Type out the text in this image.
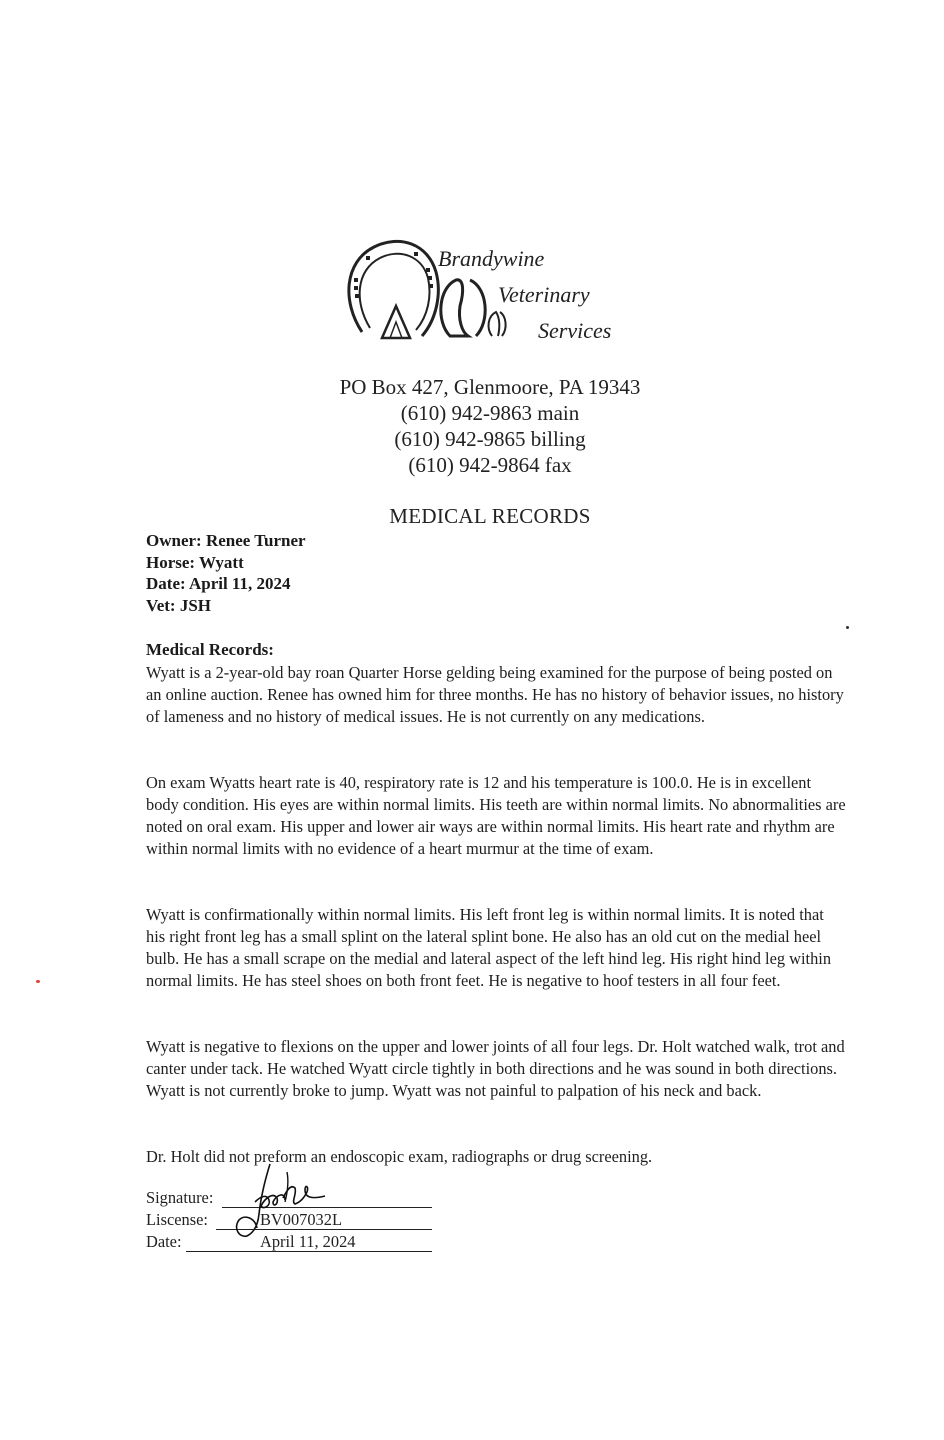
Brandywine
Veterinary
Services
PO Box 427, Glenmoore, PA 19343
(610) 942-9863 main
(610) 942-9865 billing
(610) 942-9864 fax
MEDICAL RECORDS
Owner: Renee Turner
Horse: Wyatt
Date: April 11, 2024
Vet: JSH
Medical Records:
Wyatt is a 2-year-old bay roan Quarter Horse gelding being examined for the purpose of being posted on an online auction. Renee has owned him for three months. He has no history of behavior issues, no history of lameness and no history of medical issues. He is not currently on any medications.
On exam Wyatts heart rate is 40, respiratory rate is 12 and his temperature is 100.0. He is in excellent body condition. His eyes are within normal limits. His teeth are within normal limits. No abnormalities are noted on oral exam. His upper and lower air ways are within normal limits. His heart rate and rhythm are within normal limits with no evidence of a heart murmur at the time of exam.
Wyatt is confirmationally within normal limits. His left front leg is within normal limits. It is noted that his right front leg has a small splint on the lateral splint bone. He also has an old cut on the medial heel bulb. He has a small scrape on the medial and lateral aspect of the left hind leg. His right hind leg within normal limits. He has steel shoes on both front feet. He is negative to hoof testers in all four feet.
Wyatt is negative to flexions on the upper and lower joints of all four legs. Dr. Holt watched walk, trot and canter under tack. He watched Wyatt circle tightly in both directions and he was sound in both directions. Wyatt is not currently broke to jump. Wyatt was not painful to palpation of his neck and back.
Dr. Holt did not preform an endoscopic exam, radiographs or drug screening.
Signature:
Liscense:	BV007032L
Date:	April 11, 2024
